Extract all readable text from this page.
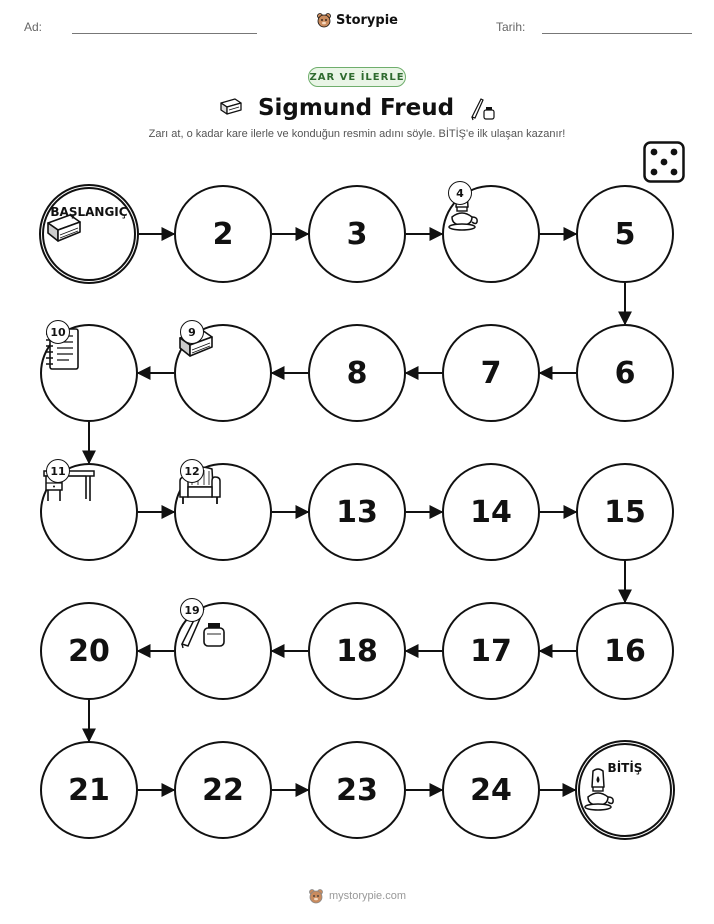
Ad:	Storypie	Tarih:
ZAR VE İLERLE
Sigmund Freud
Zarı at, o kadar kare ilerle ve konduğun resmin adını söyle. BİTİŞ'e ilk ulaşan kazanır!
BAŞLANGIÇ
2	3
4
5
6
7
8
9
10
11	12
13	14	15
16
17
18
19
20
21	22	23	24
BİTİŞ
mystorypie.com
